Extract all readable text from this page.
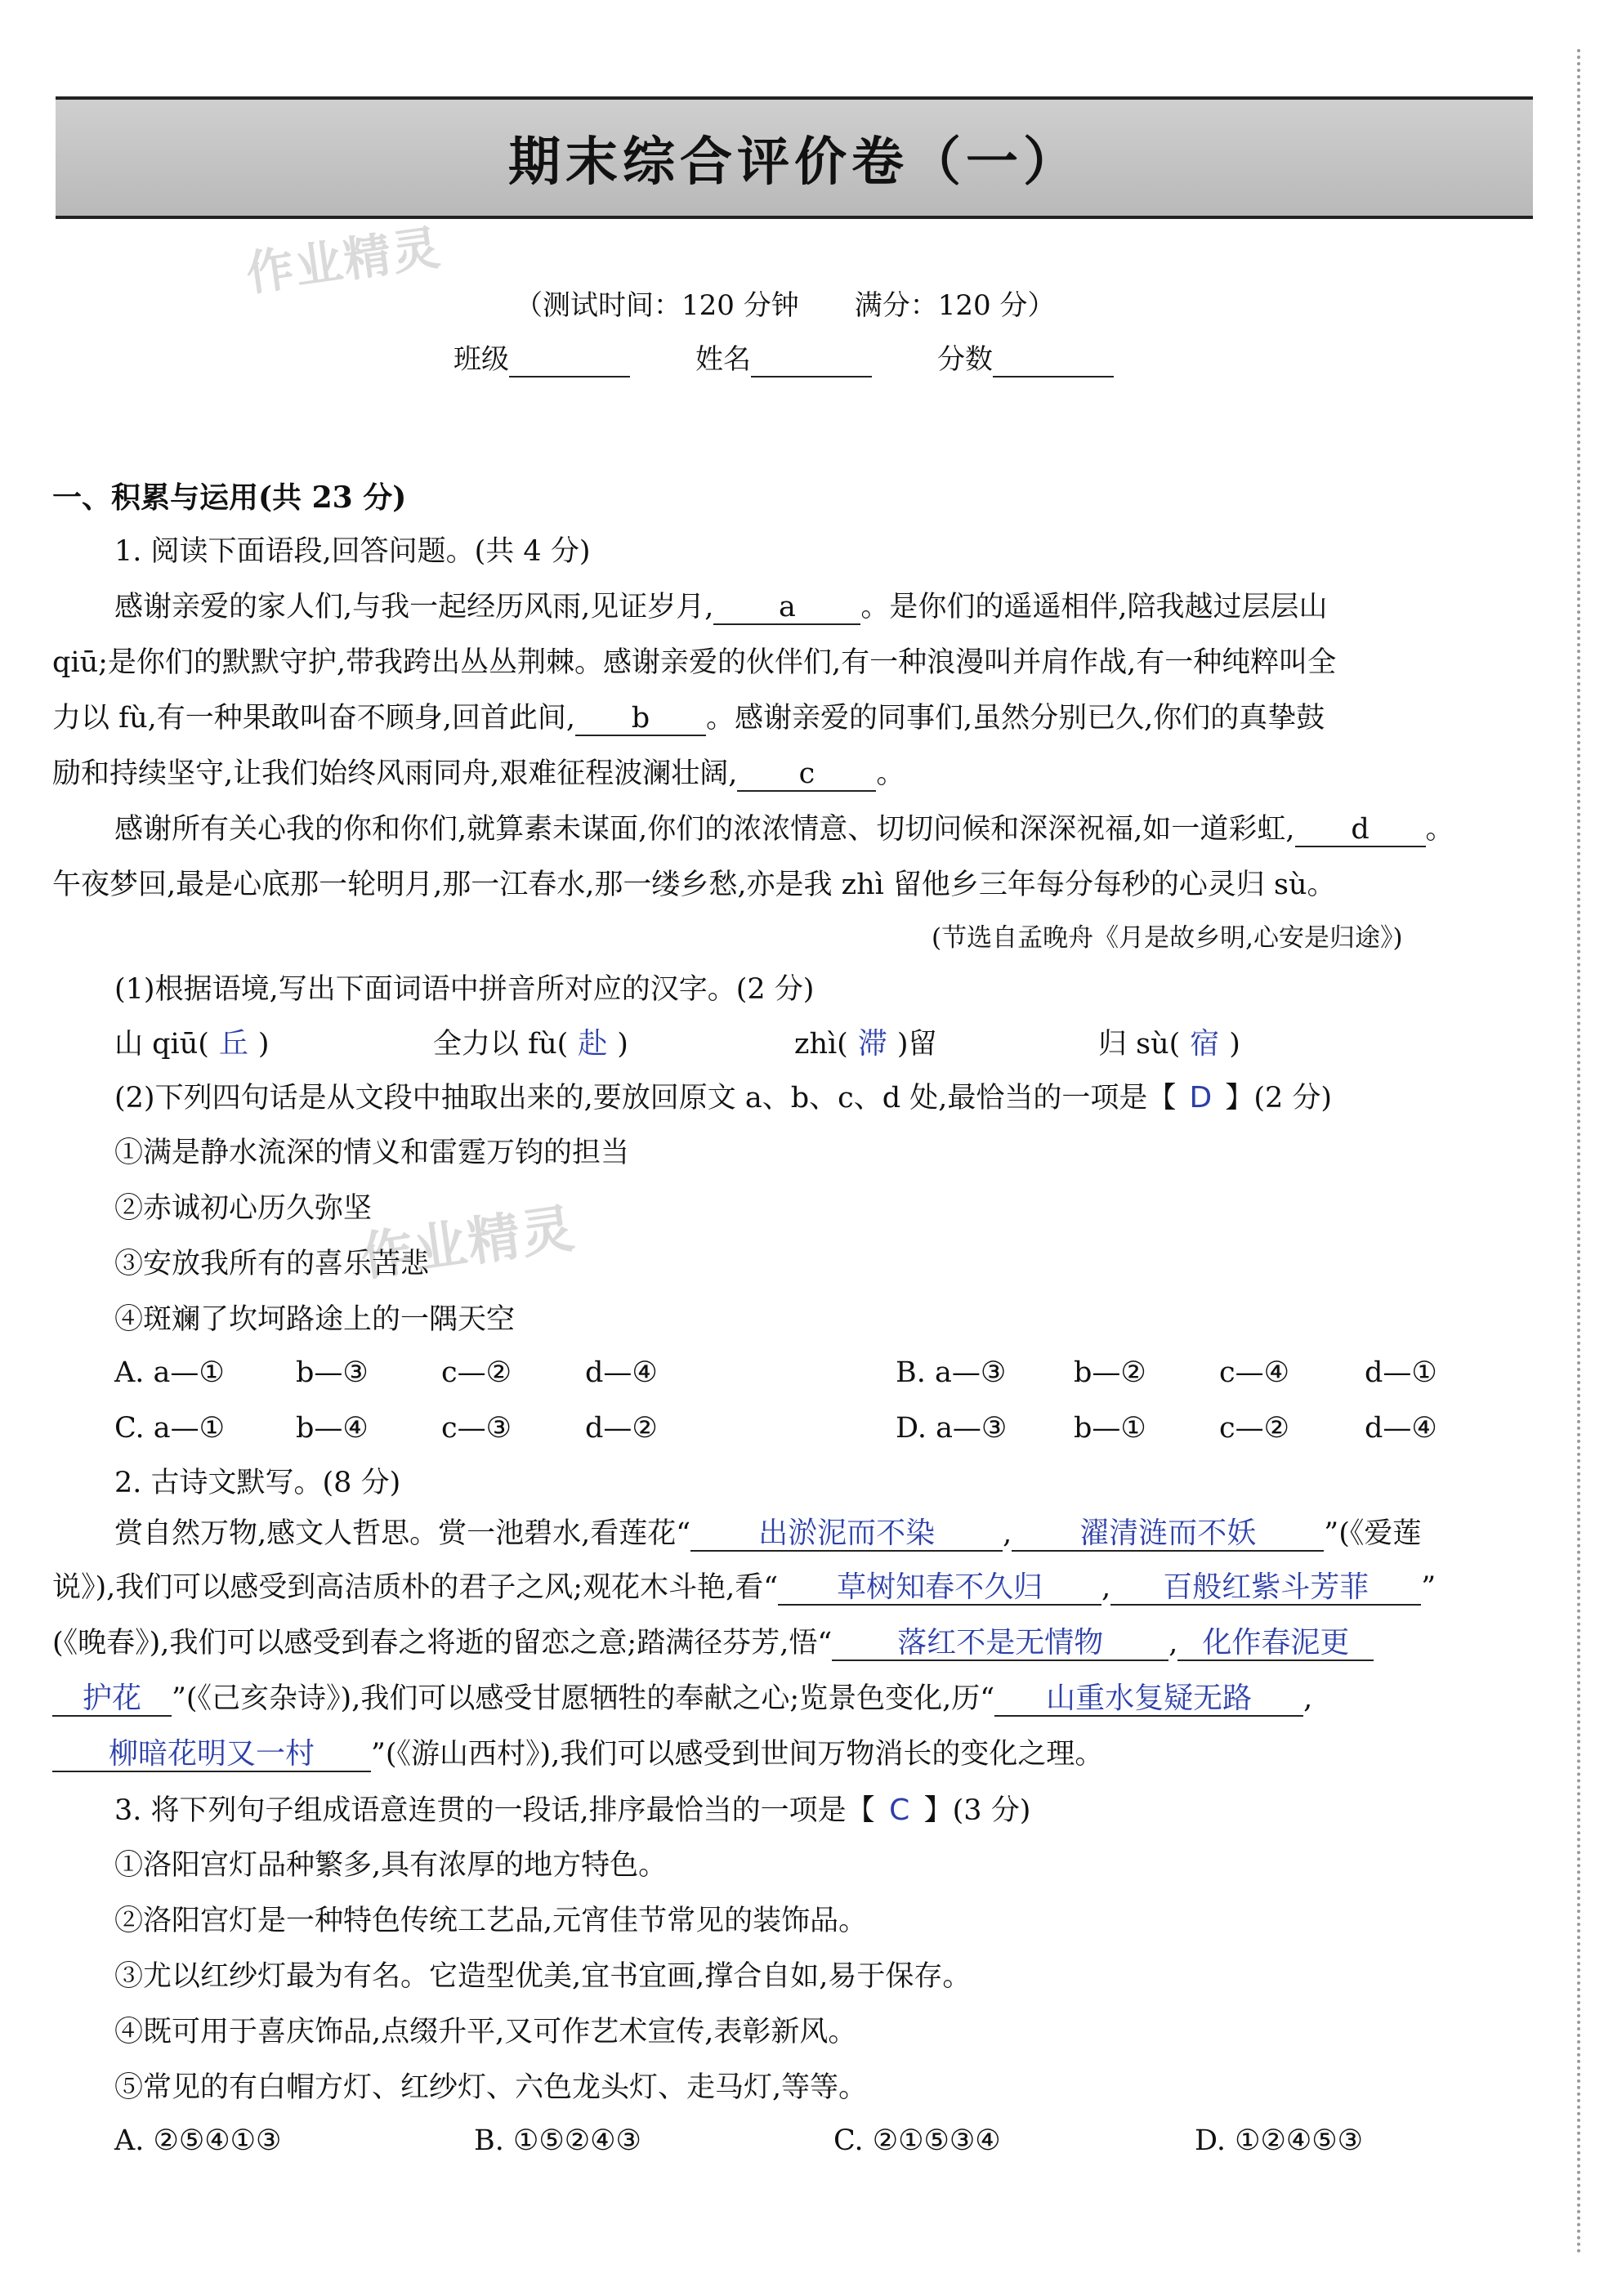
期末综合评价卷（一）
作业精灵
作业精灵
（测试时间：120 分钟　　满分：120 分）
班级	姓名	分数
一、积累与运用(共 23 分)
1. 阅读下面语段,回答问题。(共 4 分)
感谢亲爱的家人们,与我一起经历风雨,见证岁月, a 。是你们的遥遥相伴,陪我越过层层山
qiū;是你们的默默守护,带我跨出丛丛荆棘。感谢亲爱的伙伴们,有一种浪漫叫并肩作战,有一种纯粹叫全
力以 fù,有一种果敢叫奋不顾身,回首此间, b 。感谢亲爱的同事们,虽然分别已久,你们的真挚鼓
励和持续坚守,让我们始终风雨同舟,艰难征程波澜壮阔, c 。
感谢所有关心我的你和你们,就算素未谋面,你们的浓浓情意、切切问候和深深祝福,如一道彩虹, d 。
午夜梦回,最是心底那一轮明月,那一江春水,那一缕乡愁,亦是我 zhì 留他乡三年每分每秒的心灵归 sù。
(节选自孟晚舟《月是故乡明,心安是归途》)
(1)根据语境,写出下面词语中拼音所对应的汉字。(2 分)
山 qiū( 丘 )	全力以 fù( 赴 )	zhì( 滞 )留	归 sù( 宿 )
(2)下列四句话是从文段中抽取出来的,要放回原文 a、b、c、d 处,最恰当的一项是【 D 】(2 分)
①满是静水流深的情义和雷霆万钧的担当
②赤诚初心历久弥坚
③安放我所有的喜乐苦悲
④斑斓了坎坷路途上的一隅天空
A. a—① b—③	c—②	d—④	B. a—③ b—②	c—④	d—①
C. a—① b—④	c—③	d—②	D. a—③ b—①	c—②	d—④
2. 古诗文默写。(8 分)
赏自然万物,感文人哲思。赏一池碧水,看莲花“ 出淤泥而不染 , 濯清涟而不妖 ”(《爱莲
说》),我们可以感受到高洁质朴的君子之风;观花木斗艳,看“ 草树知春不久归 , 百般红紫斗芳菲 ”
(《晚春》),我们可以感受到春之将逝的留恋之意;踏满径芬芳,悟“ 落红不是无情物 , 化作春泥更
护花 ”(《己亥杂诗》),我们可以感受甘愿牺牲的奉献之心;览景色变化,历“ 山重水复疑无路 ,
柳暗花明又一村 ”(《游山西村》),我们可以感受到世间万物消长的变化之理。
3. 将下列句子组成语意连贯的一段话,排序最恰当的一项是【 C 】(3 分)
①洛阳宫灯品种繁多,具有浓厚的地方特色。
②洛阳宫灯是一种特色传统工艺品,元宵佳节常见的装饰品。
③尤以红纱灯最为有名。它造型优美,宜书宜画,撑合自如,易于保存。
④既可用于喜庆饰品,点缀升平,又可作艺术宣传,表彰新风。
⑤常见的有白帽方灯、红纱灯、六色龙头灯、走马灯,等等。
A. ②⑤④①③	B. ①⑤②④③	C. ②①⑤③④	D. ①②④⑤③
